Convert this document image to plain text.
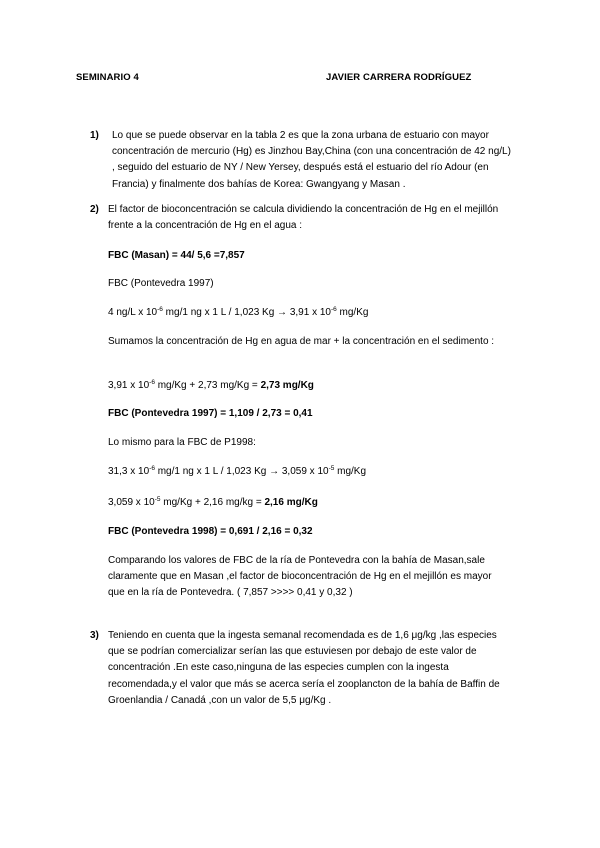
SEMINARIO 4	JAVIER CARRERA RODRÍGUEZ
1) Lo que se puede observar en la tabla 2 es que la zona urbana de estuario con mayor concentración de mercurio (Hg) es Jinzhou Bay,China (con una concentración de 42 ng/L) , seguido del estuario de NY / New Yersey, después está el estuario del río Adour (en Francia) y finalmente dos bahías de Korea: Gwangyang y Masan .
2) El factor de bioconcentración se calcula dividiendo la concentración de Hg en el mejillón frente a la concentración de Hg en el agua :
FBC (Masan) = 44/ 5,6 =7,857
FBC (Pontevedra 1997)
4 ng/L x $10^{-6}$ mg/1 ng x 1 L / 1,023 Kg → 3,91 x $10^{-6}$ mg/Kg
Sumamos la concentración de Hg en agua de mar + la concentración en el sedimento :
3,91 x $10^{-6}$ mg/Kg + 2,73 mg/Kg = 2,73 mg/Kg
FBC (Pontevedra 1997) = 1,109 / 2,73 = 0,41
Lo mismo para la FBC de P1998:
31,3 x $10^{-6}$ mg/1 ng x 1 L / 1,023 Kg → 3,059 x $10^{-5}$ mg/Kg
3,059 x $10^{-5}$ mg/Kg + 2,16 mg/kg = 2,16 mg/Kg
FBC (Pontevedra 1998) = 0,691 / 2,16 = 0,32
Comparando los valores de FBC de la ría de Pontevedra con la bahía de Masan,sale claramente que en Masan ,el factor de bioconcentración de Hg en el mejillón es mayor que en la ría de Pontevedra. ( 7,857 >>>> 0,41 y 0,32 )
3) Teniendo en cuenta que la ingesta semanal recomendada es de 1,6 μg/kg ,las especies que se podrían comercializar serían las que estuviesen por debajo de este valor de concentración .En este caso,ninguna de las especies cumplen con la ingesta recomendada,y el valor que más se acerca sería el zooplancton de la bahía de Baffin de Groenlandia / Canadá ,con un valor de 5,5 μg/Kg .
